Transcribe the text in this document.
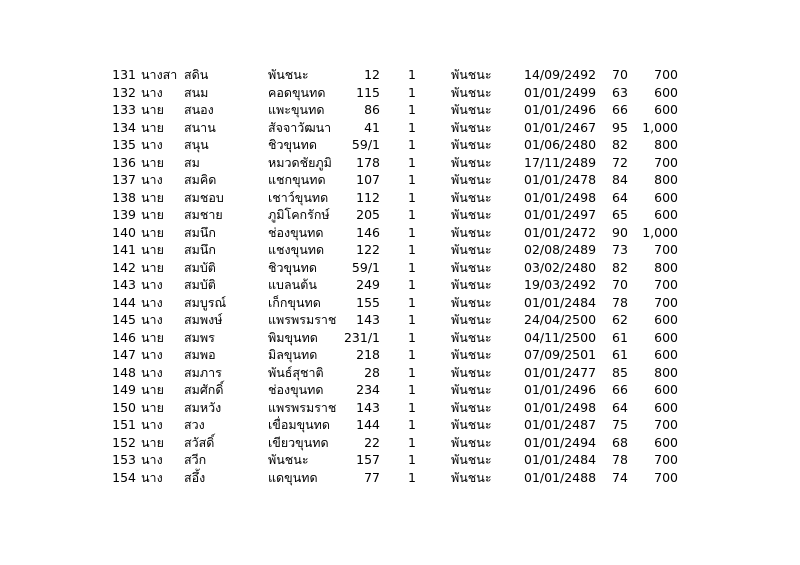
131 นางสา สดิน	พันชนะ	12 1	พันชนะ	14/09/2492 70	700
132 นาง สนม	คอดขุนทด	115 1	พันชนะ	01/01/2499 63	600
133 นาย สนอง	แพะขุนทด	86 1	พันชนะ	01/01/2496 66	600
134 นาย สนาน	สัจจาวัฒนา	41 1	พันชนะ	01/01/2467 95 1,000
135 นาง สนุน	ชิวขุนทด	59/1 1	พันชนะ	01/06/2480 82	800
136 นาย สม	หมวดชัยภูมิ	178 1	พันชนะ	17/11/2489 72	700
137 นาง สมคิด	แชกขุนทด	107 1	พันชนะ	01/01/2478 84	800
138 นาย สมชอบ	เชาว์ขุนทด	112 1	พันชนะ	01/01/2498 64	600
139 นาย สมชาย	ภูมิโคกรักษ์	205 1	พันชนะ	01/01/2497 65	600
140 นาย สมนึก	ช่องขุนทด	146 1	พันชนะ	01/01/2472 90 1,000
141 นาย สมนึก	แชงขุนทด	122 1	พันชนะ	02/08/2489 73	700
142 นาย สมบัติ	ชิวขุนทด	59/1 1	พันชนะ	03/02/2480 82	800
143 นาง สมบัติ	แบลนต้น	249 1	พันชนะ	19/03/2492 70	700
144 นาง สมบูรณ์	เก็กขุนทด	155 1	พันชนะ	01/01/2484 78	700
145 นาง สมพงษ์	แพรพรมราช	143 1	พันชนะ	24/04/2500 62	600
146 นาย สมพร	พิมขุนทด	231/1 1	พันชนะ	04/11/2500 61	600
147 นาง สมพอ	มิลขุนทด	218 1	พันชนะ	07/09/2501 61	600
148 นาง สมภาร	พันธ์สุชาติ	28 1	พันชนะ	01/01/2477 85	800
149 นาย สมศักดิ์	ช่องขุนทด	234 1	พันชนะ	01/01/2496 66	600
150 นาย สมหวัง	แพรพรมราช	143 1	พันชนะ	01/01/2498 64	600
151 นาง สวง	เขื่อมขุนทด	144 1	พันชนะ	01/01/2487 75	700
152 นาย สวัสดิ์	เขียวขุนทด	22 1	พันชนะ	01/01/2494 68	600
153 นาง สวีก	พันชนะ	157 1	พันชนะ	01/01/2484 78	700
154 นาง สอึ้ง	แดขุนทด	77 1	พันชนะ	01/01/2488 74	700
